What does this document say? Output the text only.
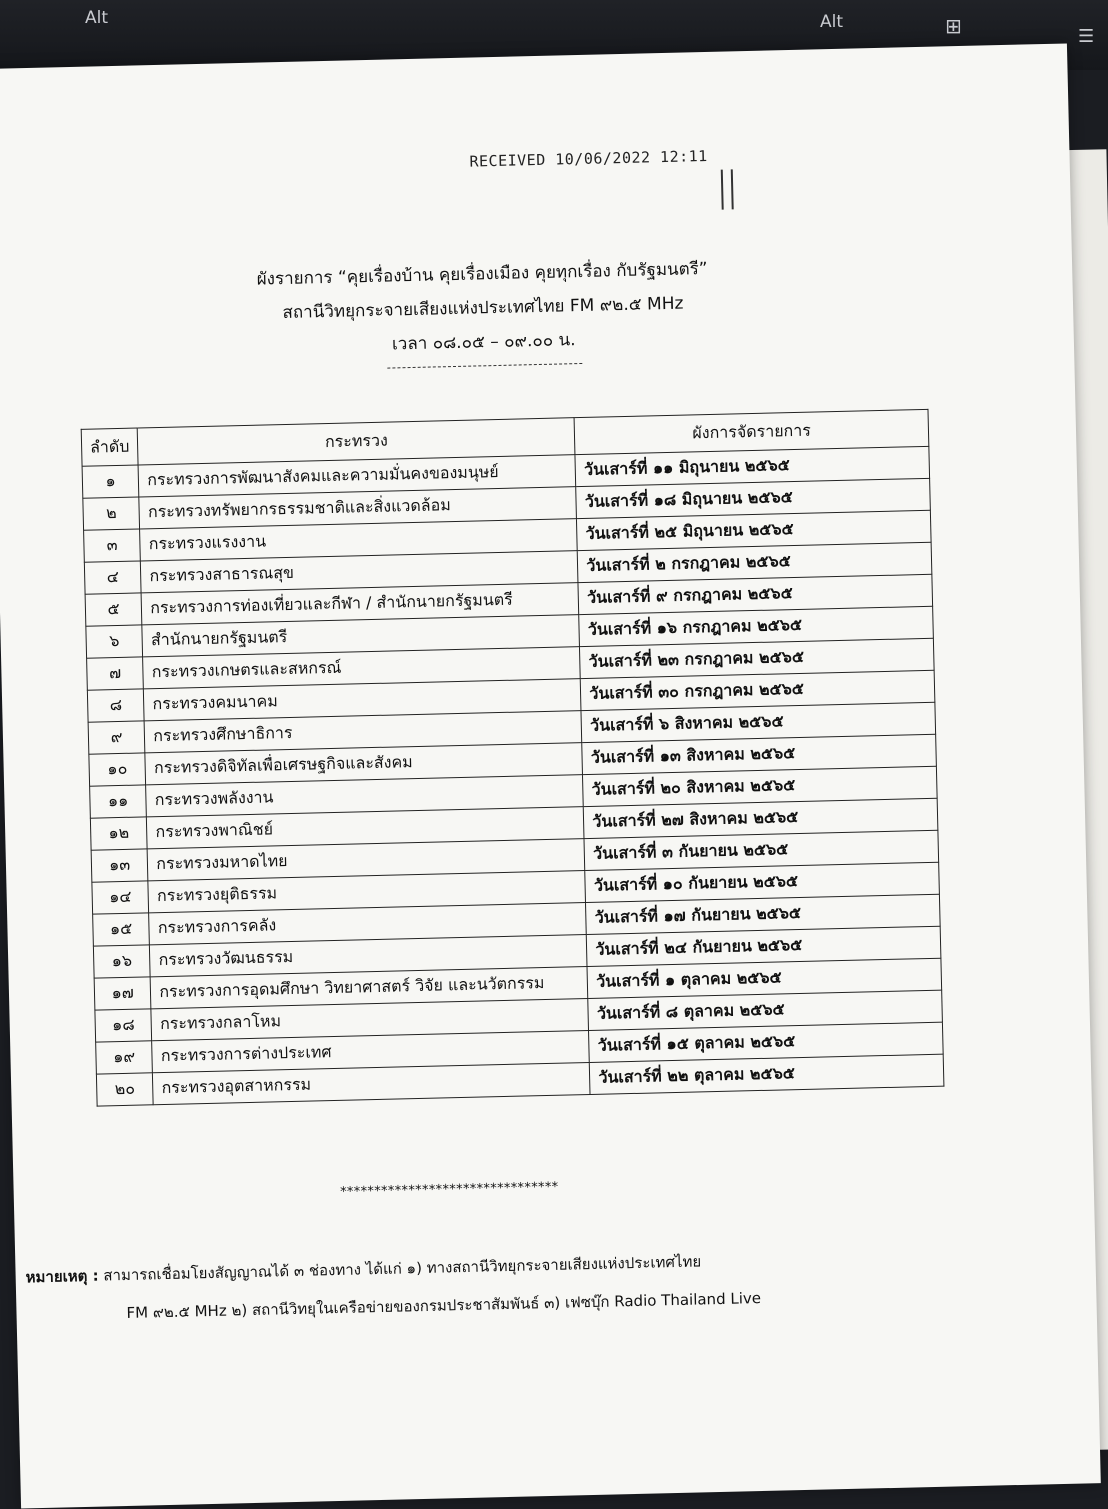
Alt	Alt	⊞	☰
RECEIVED 10/06/2022 12:11
ผังรายการ “คุยเรื่องบ้าน คุยเรื่องเมือง คุยทุกเรื่อง กับรัฐมนตรี”
สถานีวิทยุกระจายเสียงแห่งประเทศไทย FM ๙๒.๕ MHz
เวลา ๐๘.๐๕ – ๐๙.๐๐ น.
ลำดับ	กระทรวง	ผังการจัดรายการ
๑	กระทรวงการพัฒนาสังคมและความมั่นคงของมนุษย์	วันเสาร์ที่ ๑๑ มิถุนายน ๒๕๖๕
๒	กระทรวงทรัพยากรธรรมชาติและสิ่งแวดล้อม	วันเสาร์ที่ ๑๘ มิถุนายน ๒๕๖๕
๓	กระทรวงแรงงาน	วันเสาร์ที่ ๒๕ มิถุนายน ๒๕๖๕
๔	กระทรวงสาธารณสุข	วันเสาร์ที่ ๒ กรกฎาคม ๒๕๖๕
๕	กระทรวงการท่องเที่ยวและกีฬา / สำนักนายกรัฐมนตรี	วันเสาร์ที่ ๙ กรกฎาคม ๒๕๖๕
๖	สำนักนายกรัฐมนตรี	วันเสาร์ที่ ๑๖ กรกฎาคม ๒๕๖๕
๗	กระทรวงเกษตรและสหกรณ์	วันเสาร์ที่ ๒๓ กรกฎาคม ๒๕๖๕
๘	กระทรวงคมนาคม	วันเสาร์ที่ ๓๐ กรกฎาคม ๒๕๖๕
๙	กระทรวงศึกษาธิการ	วันเสาร์ที่ ๖ สิงหาคม ๒๕๖๕
๑๐	กระทรวงดิจิทัลเพื่อเศรษฐกิจและสังคม	วันเสาร์ที่ ๑๓ สิงหาคม ๒๕๖๕
๑๑	กระทรวงพลังงาน	วันเสาร์ที่ ๒๐ สิงหาคม ๒๕๖๕
๑๒	กระทรวงพาณิชย์	วันเสาร์ที่ ๒๗ สิงหาคม ๒๕๖๕
๑๓	กระทรวงมหาดไทย	วันเสาร์ที่ ๓ กันยายน ๒๕๖๕
๑๔	กระทรวงยุติธรรม	วันเสาร์ที่ ๑๐ กันยายน ๒๕๖๕
๑๕	กระทรวงการคลัง	วันเสาร์ที่ ๑๗ กันยายน ๒๕๖๕
๑๖	กระทรวงวัฒนธรรม	วันเสาร์ที่ ๒๔ กันยายน ๒๕๖๕
๑๗	กระทรวงการอุดมศึกษา วิทยาศาสตร์ วิจัย และนวัตกรรม	วันเสาร์ที่ ๑ ตุลาคม ๒๕๖๕
๑๘	กระทรวงกลาโหม	วันเสาร์ที่ ๘ ตุลาคม ๒๕๖๕
๑๙	กระทรวงการต่างประเทศ	วันเสาร์ที่ ๑๕ ตุลาคม ๒๕๖๕
๒๐	กระทรวงอุตสาหกรรม	วันเสาร์ที่ ๒๒ ตุลาคม ๒๕๖๕
********************************
หมายเหตุ : สามารถเชื่อมโยงสัญญาณได้ ๓ ช่องทาง ได้แก่ ๑) ทางสถานีวิทยุกระจายเสียงแห่งประเทศไทย
FM ๙๒.๕ MHz ๒) สถานีวิทยุในเครือข่ายของกรมประชาสัมพันธ์ ๓) เฟซบุ๊ก Radio Thailand Live
